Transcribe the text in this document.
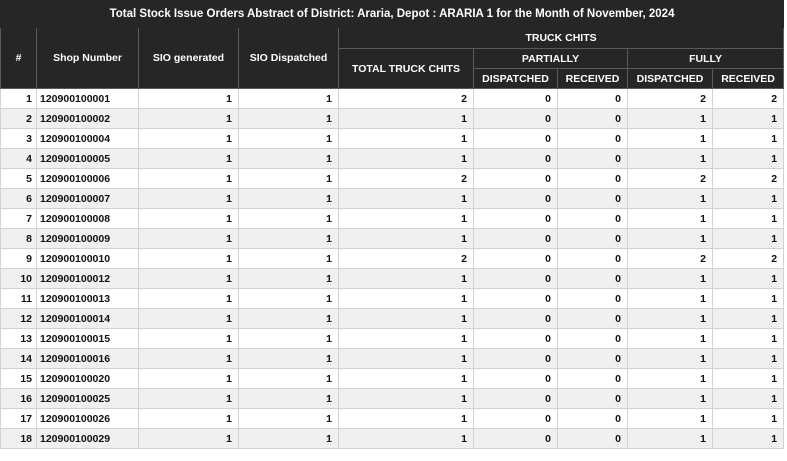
Total Stock Issue Orders Abstract of District: Araria, Depot : ARARIA 1 for the Month of November, 2024								
#	Shop Number	SIO generated	SIO Dispatched	TRUCK CHITS				
				TOTAL TRUCK CHITS	PARTIALLY		FULLY	
					DISPATCHED	RECEIVED	DISPATCHED	RECEIVED
1	120900100001	1	1	2	0	0	2	2
2	120900100002	1	1	1	0	0	1	1
3	120900100004	1	1	1	0	0	1	1
4	120900100005	1	1	1	0	0	1	1
5	120900100006	1	1	2	0	0	2	2
6	120900100007	1	1	1	0	0	1	1
7	120900100008	1	1	1	0	0	1	1
8	120900100009	1	1	1	0	0	1	1
9	120900100010	1	1	2	0	0	2	2
10	120900100012	1	1	1	0	0	1	1
11	120900100013	1	1	1	0	0	1	1
12	120900100014	1	1	1	0	0	1	1
13	120900100015	1	1	1	0	0	1	1
14	120900100016	1	1	1	0	0	1	1
15	120900100020	1	1	1	0	0	1	1
16	120900100025	1	1	1	0	0	1	1
17	120900100026	1	1	1	0	0	1	1
18	120900100029	1	1	1	0	0	1	1
